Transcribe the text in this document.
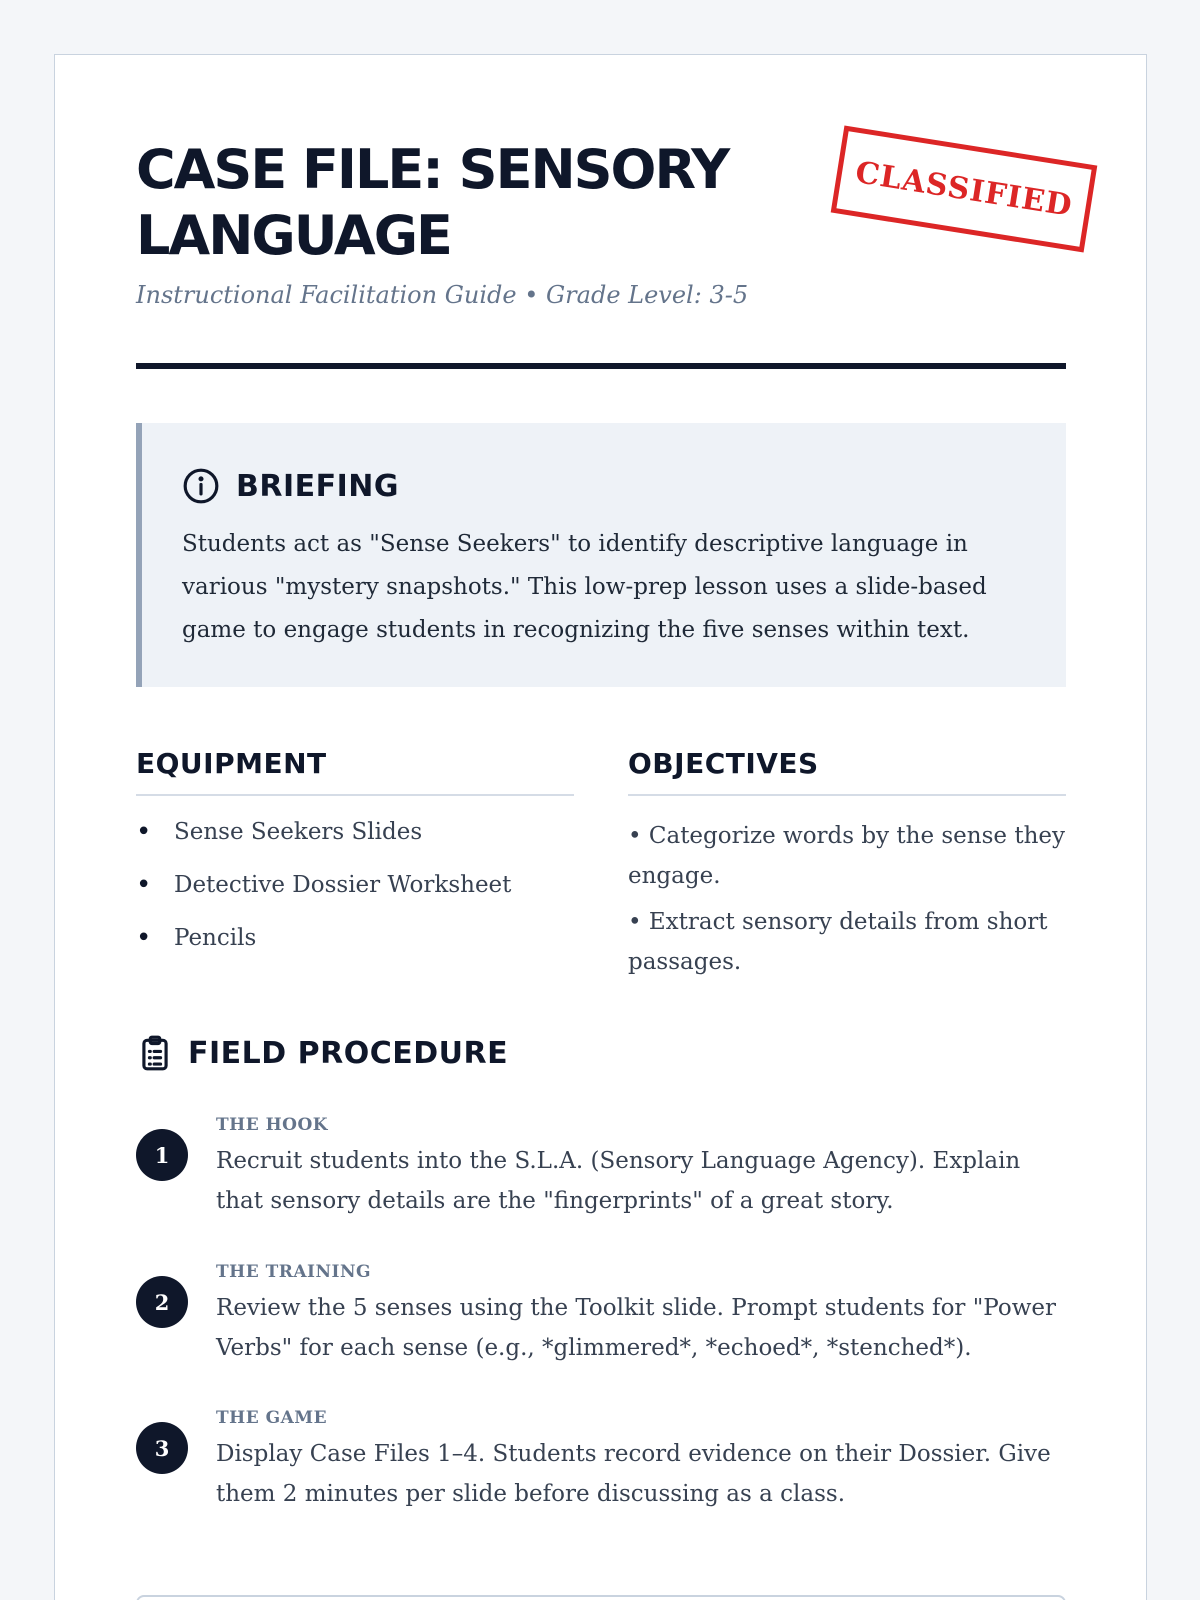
CASE FILE: SENSORY LANGUAGE
CLASSIFIED
Instructional Facilitation Guide • Grade Level: 3-5
BRIEFING

Students act as "Sense Seekers" to identify descriptive language in various "mystery snapshots." This low-prep lesson uses a slide-based game to engage students in recognizing the five senses within text.

EQUIPMENT
• Sense Seekers Slides
• Detective Dossier Worksheet
• Pencils
OBJECTIVES
• Categorize words by the sense they engage.
• Extract sensory details from short passages.
FIELD PROCEDURE
1
THE HOOK
Recruit students into the S.L.A. (Sensory Language Agency). Explain that sensory details are the "fingerprints" of a great story.
2
THE TRAINING
Review the 5 senses using the Toolkit slide. Prompt students for "Power Verbs" for each sense (e.g., *glimmered*, *echoed*, *stenched*).
3
THE GAME
Display Case Files 1–4. Students record evidence on their Dossier. Give them 2 minutes per slide before discussing as a class.
